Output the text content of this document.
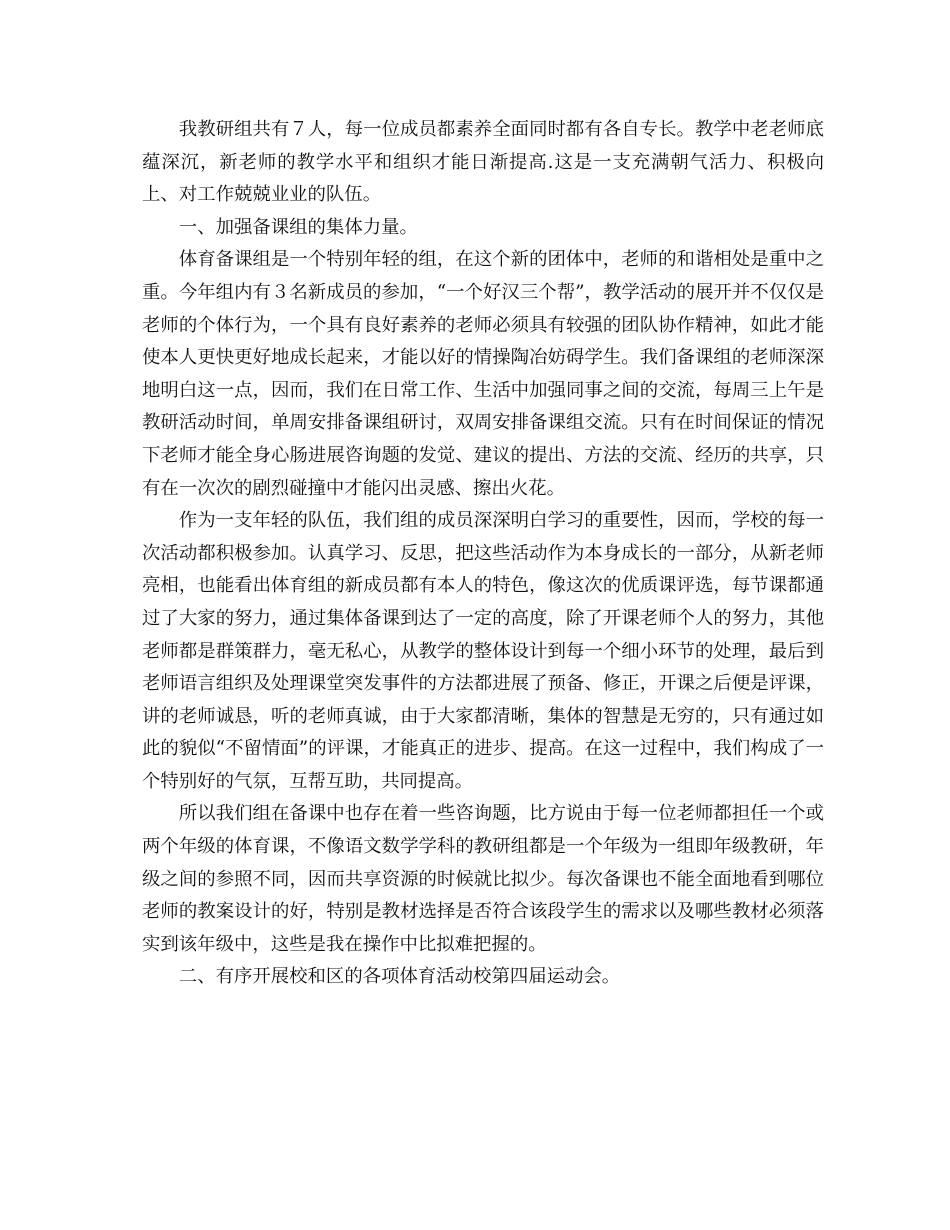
我教研组共有７人，每一位成员都素养全面同时都有各自专长。教学中老老师底蕴深沉，新老师的教学水平和组织才能日渐提高.这是一支充满朝气活力、积极向上、对工作兢兢业业的队伍。

一、加强备课组的集体力量。

体育备课组是一个特别年轻的组，在这个新的团体中，老师的和谐相处是重中之重。今年组内有３名新成员的参加，“一个好汉三个帮”，教学活动的展开并不仅仅是老师的个体行为，一个具有良好素养的老师必须具有较强的团队协作精神，如此才能使本人更快更好地成长起来，才能以好的情操陶冶妨碍学生。我们备课组的老师深深地明白这一点，因而，我们在日常工作、生活中加强同事之间的交流，每周三上午是教研活动时间，单周安排备课组研讨，双周安排备课组交流。只有在时间保证的情况下老师才能全身心肠进展咨询题的发觉、建议的提出、方法的交流、经历的共享，只有在一次次的剧烈碰撞中才能闪出灵感、擦出火花。

作为一支年轻的队伍，我们组的成员深深明白学习的重要性，因而，学校的每一次活动都积极参加。认真学习、反思，把这些活动作为本身成长的一部分，从新老师亮相，也能看出体育组的新成员都有本人的特色，像这次的优质课评选，每节课都通过了大家的努力，通过集体备课到达了一定的高度，除了开课老师个人的努力，其他老师都是群策群力，毫无私心，从教学的整体设计到每一个细小环节的处理，最后到老师语言组织及处理课堂突发事件的方法都进展了预备、修正，开课之后便是评课，讲的老师诚恳，听的老师真诚，由于大家都清晰，集体的智慧是无穷的，只有通过如此的貌似“不留情面”的评课，才能真正的进步、提高。在这一过程中，我们构成了一个特别好的气氛，互帮互助，共同提高。

所以我们组在备课中也存在着一些咨询题，比方说由于每一位老师都担任一个或两个年级的体育课，不像语文数学学科的教研组都是一个年级为一组即年级教研，年级之间的参照不同，因而共享资源的时候就比拟少。每次备课也不能全面地看到哪位老师的教案设计的好，特别是教材选择是否符合该段学生的需求以及哪些教材必须落实到该年级中，这些是我在操作中比拟难把握的。

二、有序开展校和区的各项体育活动校第四届运动会。
